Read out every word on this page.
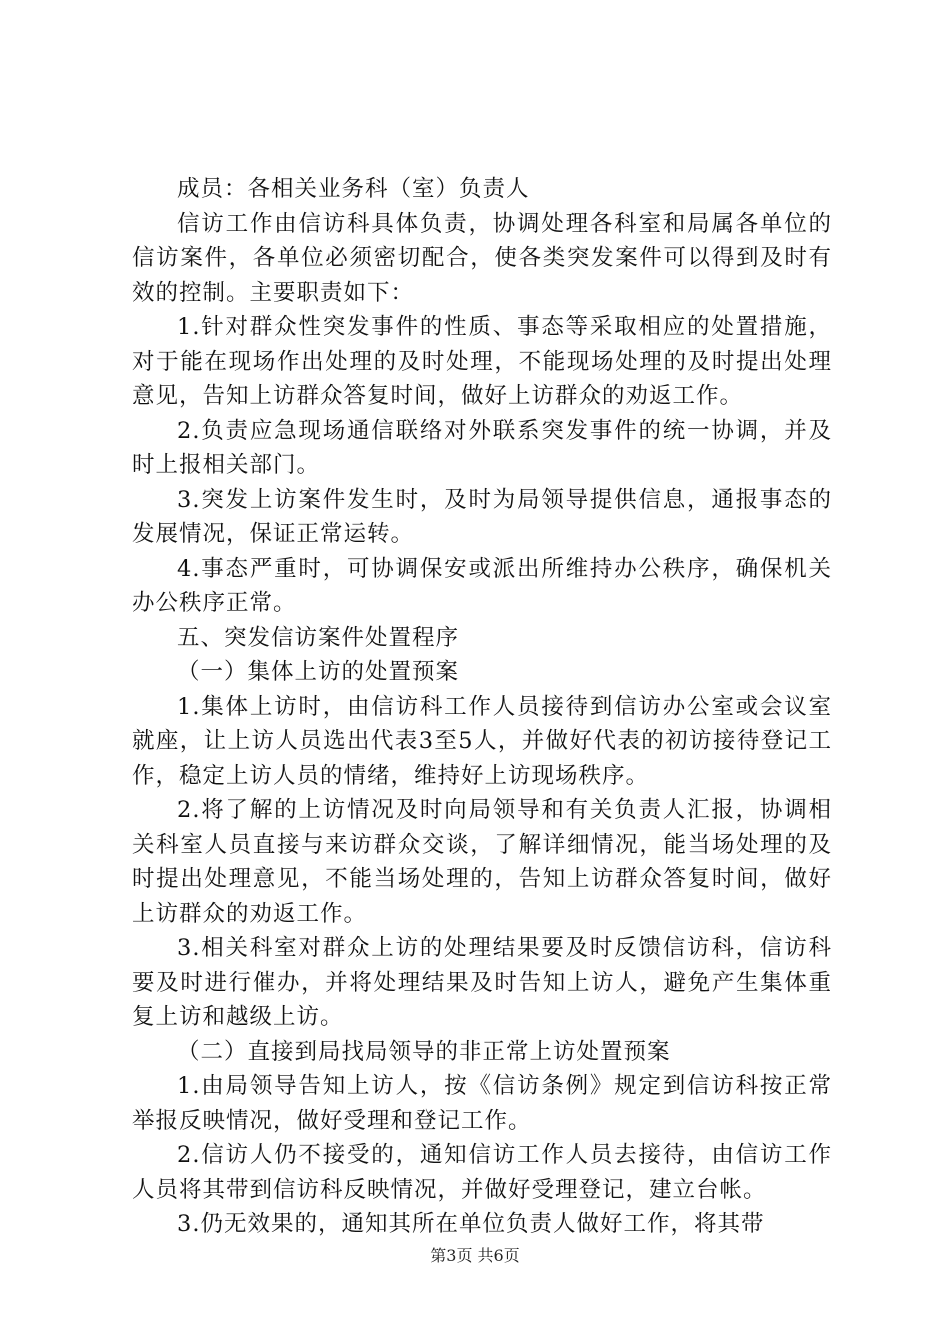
成员：各相关业务科（室）负责人

信访工作由信访科具体负责，协调处理各科室和局属各单位的信访案件，各单位必须密切配合，使各类突发案件可以得到及时有效的控制。主要职责如下：

1.针对群众性突发事件的性质、事态等采取相应的处置措施，对于能在现场作出处理的及时处理，不能现场处理的及时提出处理意见，告知上访群众答复时间，做好上访群众的劝返工作。

2.负责应急现场通信联络对外联系突发事件的统一协调，并及时上报相关部门。

3.突发上访案件发生时，及时为局领导提供信息，通报事态的发展情况，保证正常运转。

4.事态严重时，可协调保安或派出所维持办公秩序，确保机关办公秩序正常。

五、突发信访案件处置程序

（一）集体上访的处置预案

1.集体上访时，由信访科工作人员接待到信访办公室或会议室就座，让上访人员选出代表3至5人，并做好代表的初访接待登记工作，稳定上访人员的情绪，维持好上访现场秩序。

2.将了解的上访情况及时向局领导和有关负责人汇报，协调相关科室人员直接与来访群众交谈，了解详细情况，能当场处理的及时提出处理意见，不能当场处理的，告知上访群众答复时间，做好上访群众的劝返工作。

3.相关科室对群众上访的处理结果要及时反馈信访科，信访科要及时进行催办，并将处理结果及时告知上访人，避免产生集体重复上访和越级上访。

（二）直接到局找局领导的非正常上访处置预案

1.由局领导告知上访人，按《信访条例》规定到信访科按正常举报反映情况，做好受理和登记工作。

2.信访人仍不接受的，通知信访工作人员去接待，由信访工作人员将其带到信访科反映情况，并做好受理登记，建立台帐。

3.仍无效果的，通知其所在单位负责人做好工作，将其带

第3页 共6页
